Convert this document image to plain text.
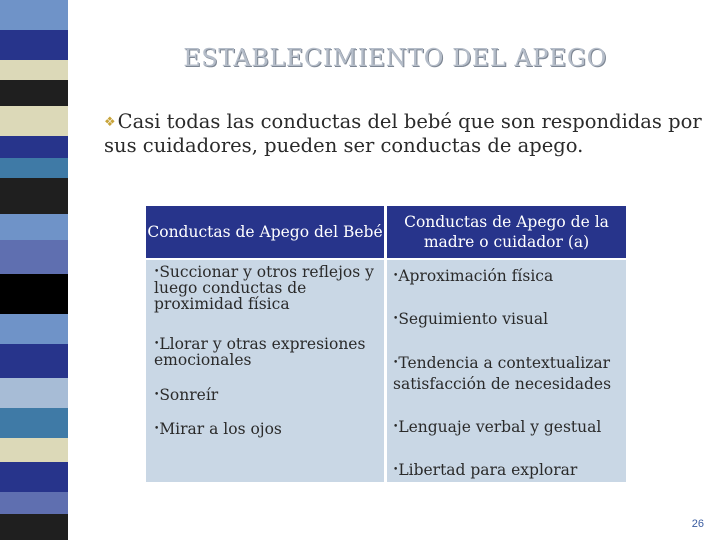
ESTABLECIMIENTO DEL APEGO
❖ Casi todas las conductas del bebé que son respondidas por sus cuidadores, pueden ser conductas de apego.
Conductas de Apego del Bebé
Conductas de Apego de la madre o cuidador (a)
•Succionar y otros reflejos y luego conductas de proximidad física
•Llorar y otras expresiones emocionales
•Sonreír
•Mirar a los ojos
•Aproximación física
•Seguimiento visual
•Tendencia a contextualizar satisfacción de necesidades
•Lenguaje verbal y gestual
•Libertad para explorar
26
